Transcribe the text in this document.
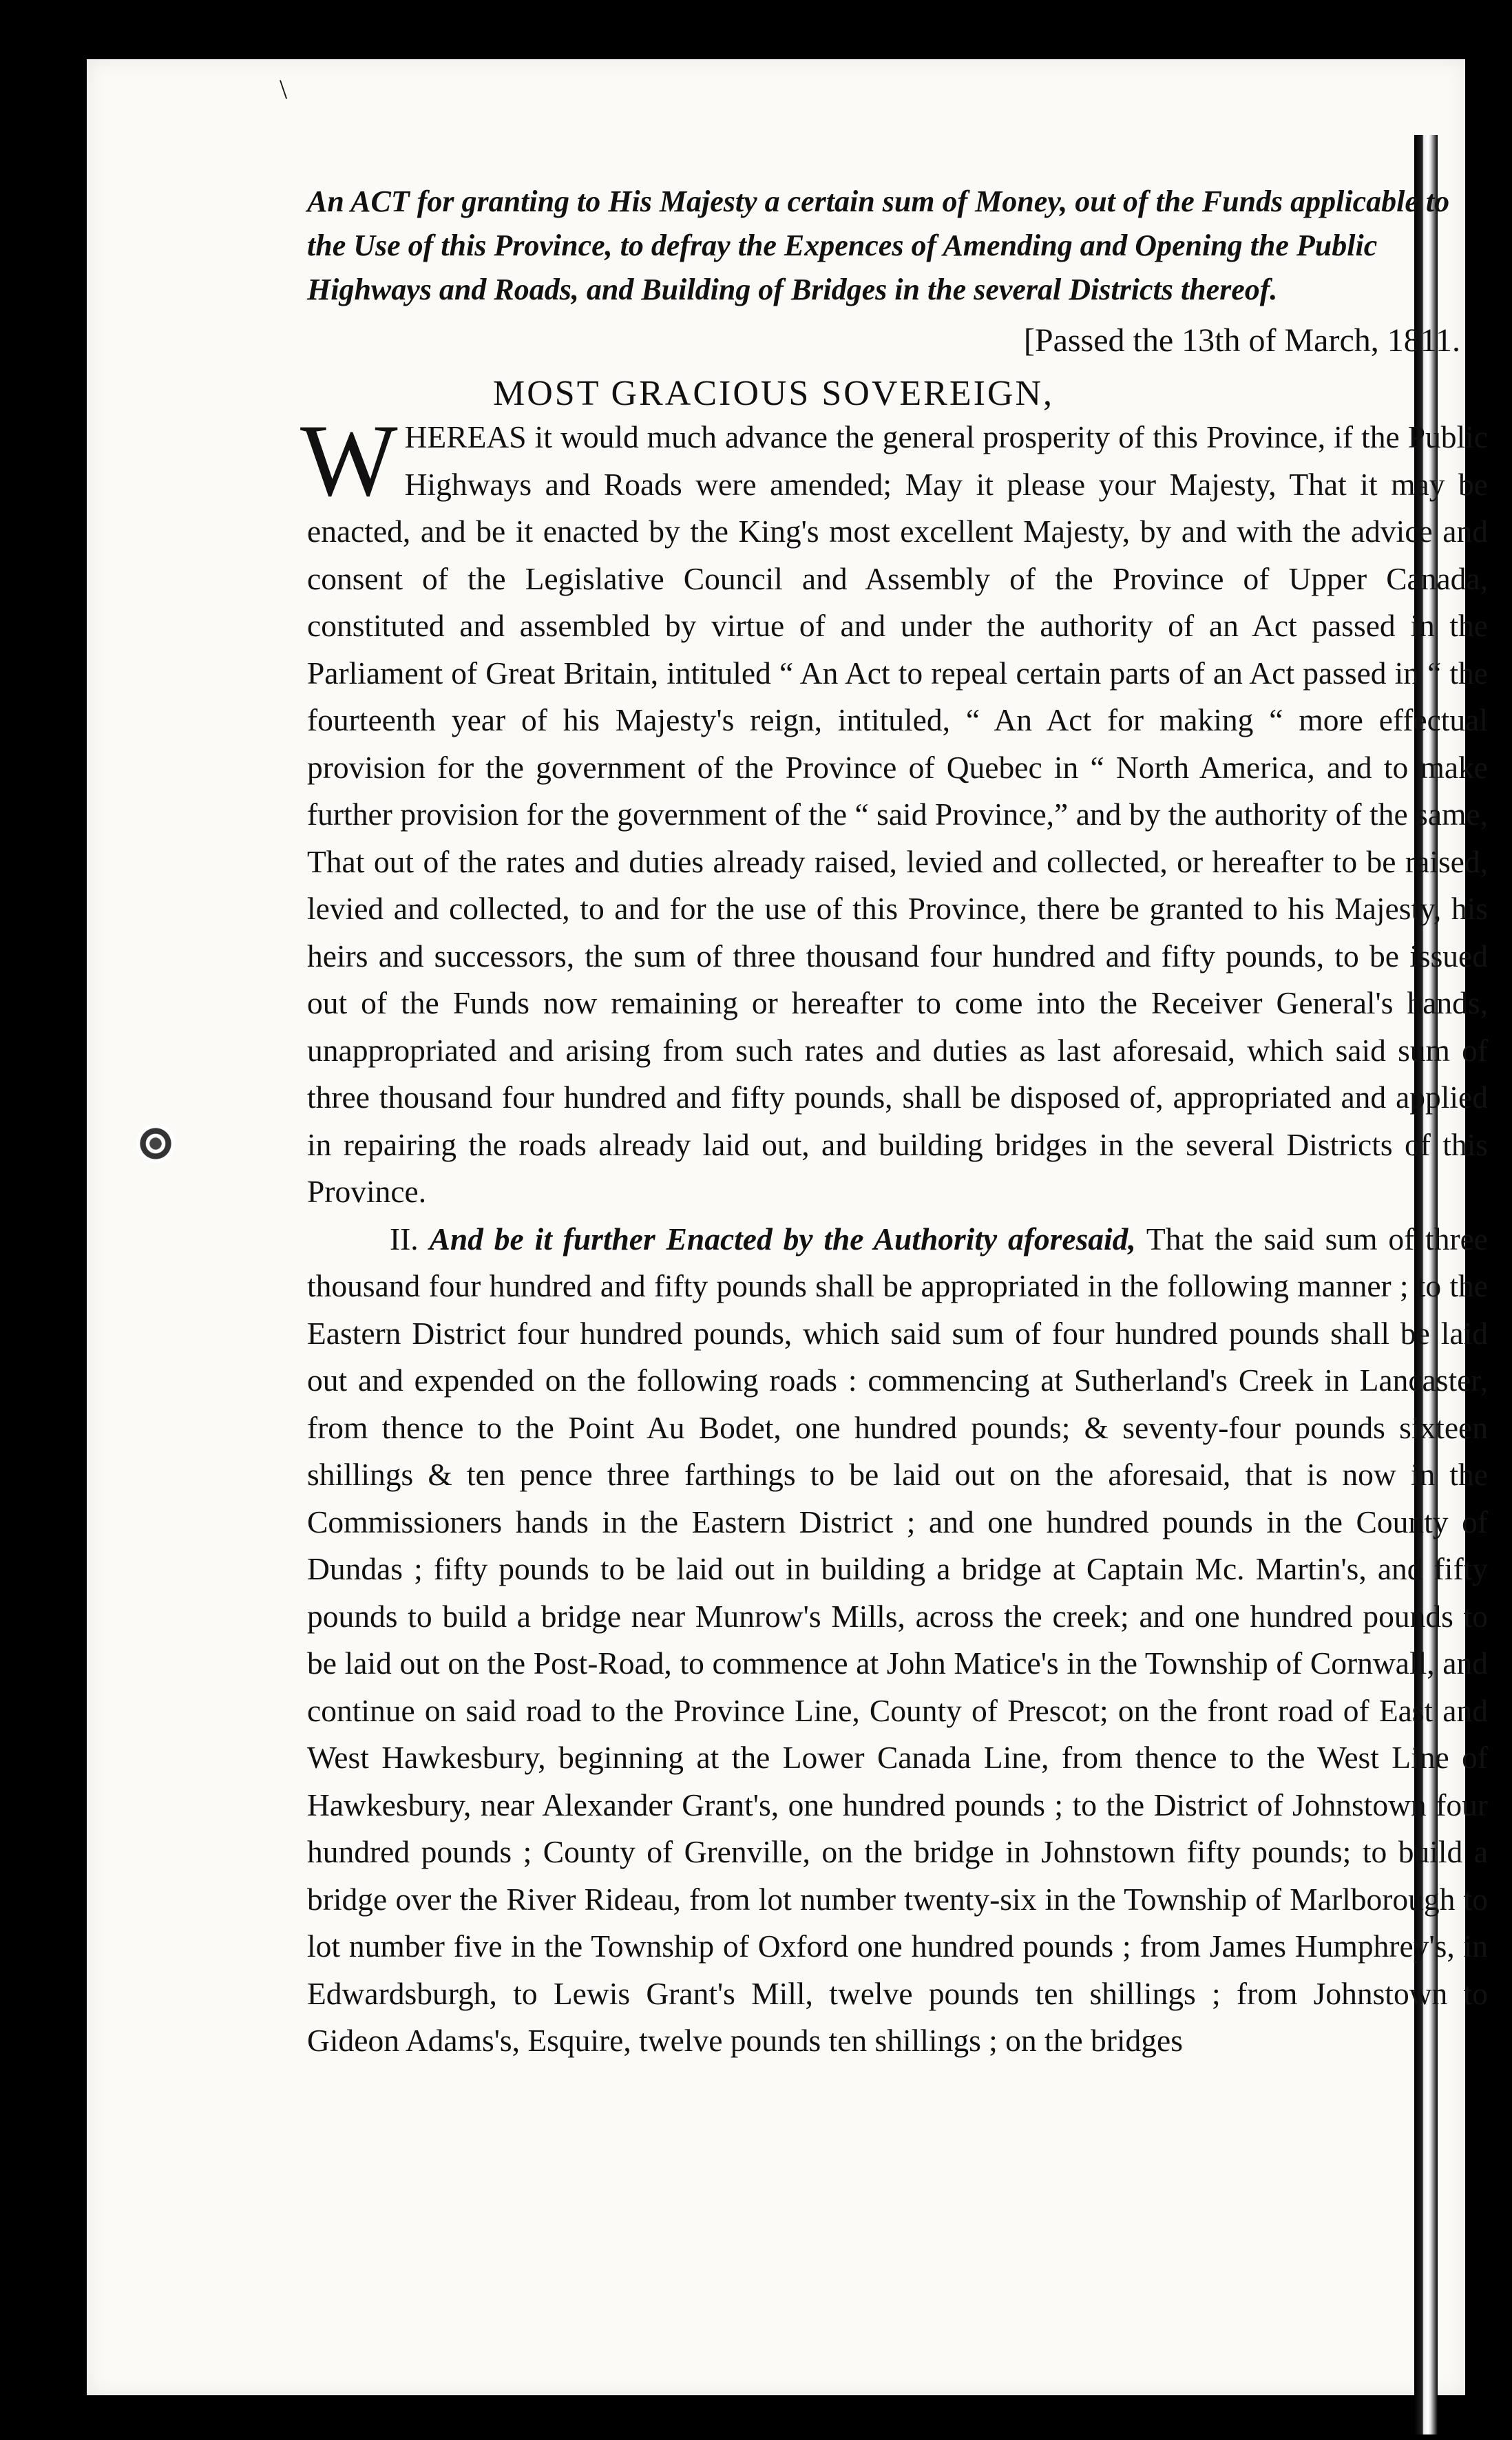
\

An ACT for granting to His Majesty a certain sum of Money, out of the Funds applicable to the Use of this Province, to defray the Expences of Amending and Opening the Public Highways and Roads, and Building of Bridges in the several Districts thereof.

[Passed the 13th of March, 1811.
MOST GRACIOUS SOVEREIGN,

WHEREAS it would much advance the general prosperity of this Province, if the Public Highways and Roads were amended; May it please your Majesty, That it may be enacted, and be it enacted by the King's most excellent Majesty, by and with the advice and consent of the Legislative Council and Assembly of the Province of Upper Canada, constituted and assembled by virtue of and under the authority of an Act passed in the Parliament of Great Britain, intituled “ An Act to repeal certain parts of an Act passed in “ the fourteenth year of his Majesty's reign, intituled, “ An Act for making “ more effectual provision for the government of the Province of Quebec in “ North America, and to make further provision for the government of the “ said Province,” and by the authority of the same, That out of the rates and duties already raised, levied and collected, or hereafter to be raised, levied and collected, to and for the use of this Province, there be granted to his Majesty, his heirs and successors, the sum of three thousand four hundred and fifty pounds, to be issued out of the Funds now remaining or hereafter to come into the Receiver General's hands, unappropriated and arising from such rates and duties as last aforesaid, which said sum of three thousand four hundred and fifty pounds, shall be disposed of, appropriated and applied in repairing the roads already laid out, and building bridges in the several Districts of this Province.

II. And be it further Enacted by the Authority aforesaid, That the said sum of three thousand four hundred and fifty pounds shall be appropriated in the following manner ; to the Eastern District four hundred pounds, which said sum of four hundred pounds shall be laid out and expended on the following roads : commencing at Sutherland's Creek in Lancaster, from thence to the Point Au Bodet, one hundred pounds; & seventy-four pounds sixteen shillings & ten pence three farthings to be laid out on the aforesaid, that is now in the Commissioners hands in the Eastern District ; and one hundred pounds in the County of Dundas ; fifty pounds to be laid out in building a bridge at Captain Mc. Martin's, and fifty pounds to build a bridge near Munrow's Mills, across the creek; and one hundred pounds to be laid out on the Post-Road, to commence at John Matice's in the Township of Cornwall, and continue on said road to the Province Line, County of Prescot; on the front road of East and West Hawkesbury, beginning at the Lower Canada Line, from thence to the West Line of Hawkesbury, near Alexander Grant's, one hundred pounds ; to the District of Johnstown four hundred pounds ; County of Grenville, on the bridge in Johnstown fifty pounds; to build a bridge over the River Rideau, from lot number twenty-six in the Township of Marlborough to lot number five in the Township of Oxford one hundred pounds ; from James Humphrey's, in Edwardsburgh, to Lewis Grant's Mill, twelve pounds ten shillings ; from Johnstown to Gideon Adams's, Esquire, twelve pounds ten shillings ; on the bridges
